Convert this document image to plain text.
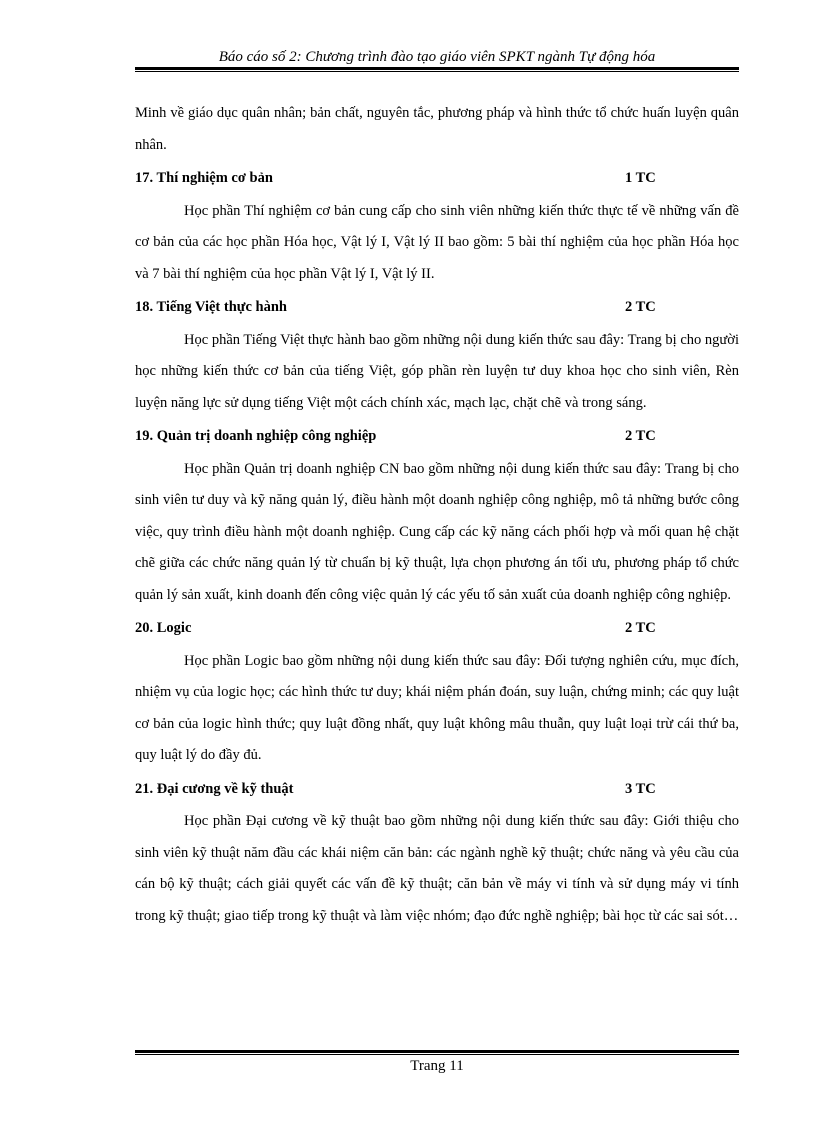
Báo cáo số 2: Chương trình đào tạo giáo viên SPKT ngành Tự động hóa

Minh về giáo dục quân nhân; bản chất, nguyên tắc, phương pháp và hình thức tổ chức huấn luyện quân nhân.

17. Thí nghiệm cơ bản	1 TC

Học phần Thí nghiệm cơ bản cung cấp cho sinh viên những kiến thức thực tế về những vấn đề cơ bản của các học phần Hóa học, Vật lý I, Vật lý II bao gồm: 5 bài thí nghiệm của học phần Hóa học và 7 bài thí nghiệm của học phần Vật lý I, Vật lý II.

18. Tiếng Việt thực hành	2 TC

Học phần Tiếng Việt thực hành bao gồm những nội dung kiến thức sau đây: Trang bị cho người học những kiến thức cơ bản của tiếng Việt, góp phần rèn luyện tư duy khoa học cho sinh viên, Rèn luyện năng lực sử dụng tiếng Việt một cách chính xác, mạch lạc, chặt chẽ và trong sáng.

19. Quản trị doanh nghiệp công nghiệp	2 TC

Học phần Quản trị doanh nghiệp CN bao gồm những nội dung kiến thức sau đây: Trang bị cho sinh viên tư duy và kỹ năng quản lý, điều hành một doanh nghiệp công nghiệp, mô tả những bước công việc, quy trình điều hành một doanh nghiệp. Cung cấp các kỹ năng cách phối hợp và mối quan hệ chặt chẽ giữa các chức năng quản lý từ chuẩn bị kỹ thuật, lựa chọn phương án tối ưu, phương pháp tổ chức quản lý sản xuất, kinh doanh đến công việc quản lý các yếu tố sản xuất của doanh nghiệp công nghiệp.

20. Logic	2 TC

Học phần Logic bao gồm những nội dung kiến thức sau đây: Đối tượng nghiên cứu, mục đích, nhiệm vụ của logic học; các hình thức tư duy; khái niệm phán đoán, suy luận, chứng minh; các quy luật cơ bản của logic hình thức; quy luật đồng nhất, quy luật không mâu thuẫn, quy luật loại trừ cái thứ ba, quy luật lý do đầy đủ.

21. Đại cương về kỹ thuật	3 TC

Học phần Đại cương về kỹ thuật bao gồm những nội dung kiến thức sau đây: Giới thiệu cho sinh viên kỹ thuật năm đầu các khái niệm căn bản: các ngành nghề kỹ thuật; chức năng và yêu cầu của cán bộ kỹ thuật; cách giải quyết các vấn đề kỹ thuật; căn bản về máy vi tính và sử dụng máy vi tính trong kỹ thuật; giao tiếp trong kỹ thuật và làm việc nhóm; đạo đức nghề nghiệp; bài học từ các sai sót…

Trang 11
